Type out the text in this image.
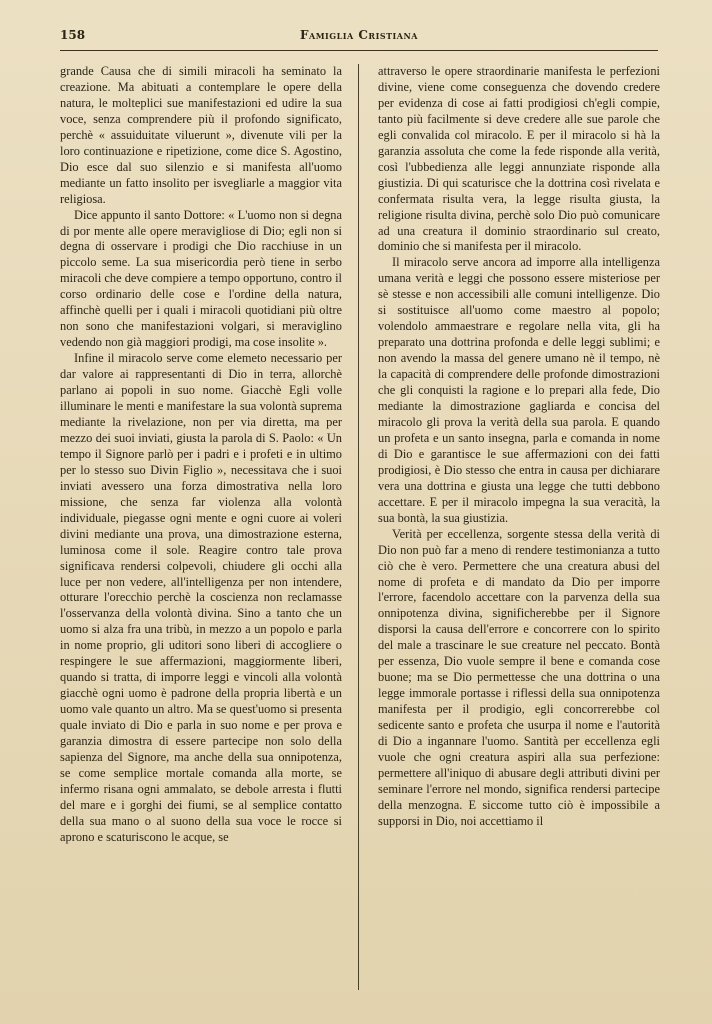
158	Famiglia Cristiana

grande Causa che di simili miracoli ha seminato la creazione. Ma abituati a contemplare le opere della natura, le molteplici sue manifestazioni ed udire la sua voce, senza comprendere più il profondo significato, perchè « assuiduitate viluerunt », divenute vili per la loro continuazione e ripetizione, come dice S. Agostino, Dio esce dal suo silenzio e si manifesta all'uomo mediante un fatto insolito per isvegliarle a maggior vita religiosa.

Dice appunto il santo Dottore: « L'uomo non si degna di por mente alle opere meravigliose di Dio; egli non si degna di osservare i prodigi che Dio racchiuse in un piccolo seme. La sua misericordia però tiene in serbo miracoli che deve compiere a tempo opportuno, contro il corso ordinario delle cose e l'ordine della natura, affinchè quelli per i quali i miracoli quotidiani più oltre non sono che manifestazioni volgari, si meraviglino vedendo non già maggiori prodigi, ma cose insolite ».

Infine il miracolo serve come elemeto necessario per dar valore ai rappresentanti di Dio in terra, allorchè parlano ai popoli in suo nome. Giacchè Egli volle illuminare le menti e manifestare la sua volontà suprema mediante la rivelazione, non per via diretta, ma per mezzo dei suoi inviati, giusta la parola di S. Paolo: « Un tempo il Signore parlò per i padri e i profeti e in ultimo per lo stesso suo Divin Figlio », necessitava che i suoi inviati avessero una forza dimostrativa nella loro missione, che senza far violenza alla volontà individuale, piegasse ogni mente e ogni cuore ai voleri divini mediante una prova, una dimostrazione esterna, luminosa come il sole. Reagire contro tale prova significava rendersi colpevoli, chiudere gli occhi alla luce per non vedere, all'intelligenza per non intendere, otturare l'orecchio perchè la coscienza non reclamasse l'osservanza della volontà divina. Sino a tanto che un uomo si alza fra una tribù, in mezzo a un popolo e parla in nome proprio, gli uditori sono liberi di accogliere o respingere le sue affermazioni, maggiormente liberi, quando si tratta, di imporre leggi e vincoli alla volontà giacchè ogni uomo è padrone della propria libertà e un uomo vale quanto un altro. Ma se quest'uomo si presenta quale inviato di Dio e parla in suo nome e per prova e garanzia dimostra di essere partecipe non solo della sapienza del Signore, ma anche della sua onnipotenza, se come semplice mortale comanda alla morte, se infermo risana ogni ammalato, se debole arresta i flutti del mare e i gorghi dei fiumi, se al semplice contatto della sua mano o al suono della sua voce le rocce si aprono e scaturiscono le acque, se

attraverso le opere straordinarie manifesta le perfezioni divine, viene come conseguenza che dovendo credere per evidenza di cose ai fatti prodigiosi ch'egli compie, tanto più facilmente si deve credere alle sue parole che egli convalida col miracolo. E per il miracolo si hà la garanzia assoluta che come la fede risponde alla verità, così l'ubbedienza alle leggi annunziate risponde alla giustizia. Di qui scaturisce che la dottrina così rivelata e confermata risulta vera, la legge risulta giusta, la religione risulta divina, perchè solo Dio può comunicare ad una creatura il dominio straordinario sul creato, dominio che si manifesta per il miracolo.

Il miracolo serve ancora ad imporre alla intelligenza umana verità e leggi che possono essere misteriose per sè stesse e non accessibili alle comuni intelligenze. Dio si sostituisce all'uomo come maestro al popolo; volendolo ammaestrare e regolare nella vita, gli ha preparato una dottrina profonda e delle leggi sublimi; e non avendo la massa del genere umano nè il tempo, nè la capacità di comprendere delle profonde dimostrazioni che gli conquisti la ragione e lo prepari alla fede, Dio mediante la dimostrazione gagliarda e concisa del miracolo gli prova la verità della sua parola. E quando un profeta e un santo insegna, parla e comanda in nome di Dio e garantisce le sue affermazioni con dei fatti prodigiosi, è Dio stesso che entra in causa per dichiarare vera una dottrina e giusta una legge che tutti debbono accettare. E per il miracolo impegna la sua veracità, la sua bontà, la sua giustizia.

Verità per eccellenza, sorgente stessa della verità di Dio non può far a meno di rendere testimonianza a tutto ciò che è vero. Permettere che una creatura abusi del nome di profeta e di mandato da Dio per imporre l'errore, facendolo accettare con la parvenza della sua onnipotenza divina, significherebbe per il Signore disporsi la causa dell'errore e concorrere con lo spirito del male a trascinare le sue creature nel peccato. Bontà per essenza, Dio vuole sempre il bene e comanda cose buone; ma se Dio permettesse che una dottrina o una legge immorale portasse i riflessi della sua onnipotenza manifesta per il prodigio, egli concorrerebbe col sedicente santo e profeta che usurpa il nome e l'autorità di Dio a ingannare l'uomo. Santità per eccellenza egli vuole che ogni creatura aspiri alla sua perfezione: permettere all'iniquo di abusare degli attributi divini per seminare l'errore nel mondo, significa rendersi partecipe della menzogna. E siccome tutto ciò è impossibile a supporsi in Dio, noi accettiamo il
